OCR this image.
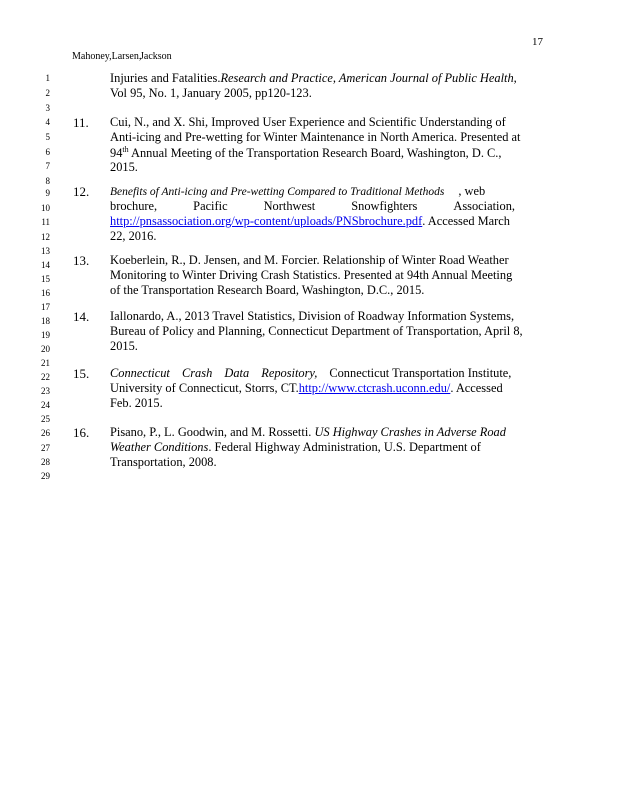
17
Mahoney,Larsen,
Jackson
1
2
3
4
5
6
7
8
9
10
11
12
13
14
15
16
17
18
19
20
21
22
23
24
25
26
27
28
29
Injuries and Fatalities.Research and Practice, American Journal of Public Health,
Vol 95, No. 1, January 2005, pp120-123.
11. Cui, N., and X. Shi, Improved User Experience and Scientific Understanding of
Anti-icing and Pre-wetting for Winter Maintenance in North America. Presented at
94th Annual Meeting of the Transportation Research Board, Washington, D. C.,
2015.
12. Benefits of Anti-icing and Pre-wetting Compared to Traditional Methods , web
brochure,	Pacific	Northwest	Snowfighters	Association,
http://pnsassociation.org/wp-content/uploads/PNSbrochure.pdf. Accessed March
22, 2016.
13. Koeberlein, R., D. Jensen, and M. Forcier. Relationship of Winter Road Weather
Monitoring to Winter Driving Crash Statistics. Presented at 94th Annual Meeting
of the Transportation Research Board, Washington, D.C., 2015.
14. Iallonardo, A., 2013 Travel Statistics, Division of Roadway Information Systems,
Bureau of Policy and Planning, Connecticut Department of Transportation, April 8,
2015.
15. Connecticut Crash Data Repository, Connecticut Transportation Institute,
University of Connecticut, Storrs, CT.http://www.ctcrash.uconn.edu/. Accessed
Feb. 2015.
16. Pisano, P., L. Goodwin, and M. Rossetti. US Highway Crashes in Adverse Road
Weather Conditions. Federal Highway Administration, U.S. Department of
Transportation, 2008.
